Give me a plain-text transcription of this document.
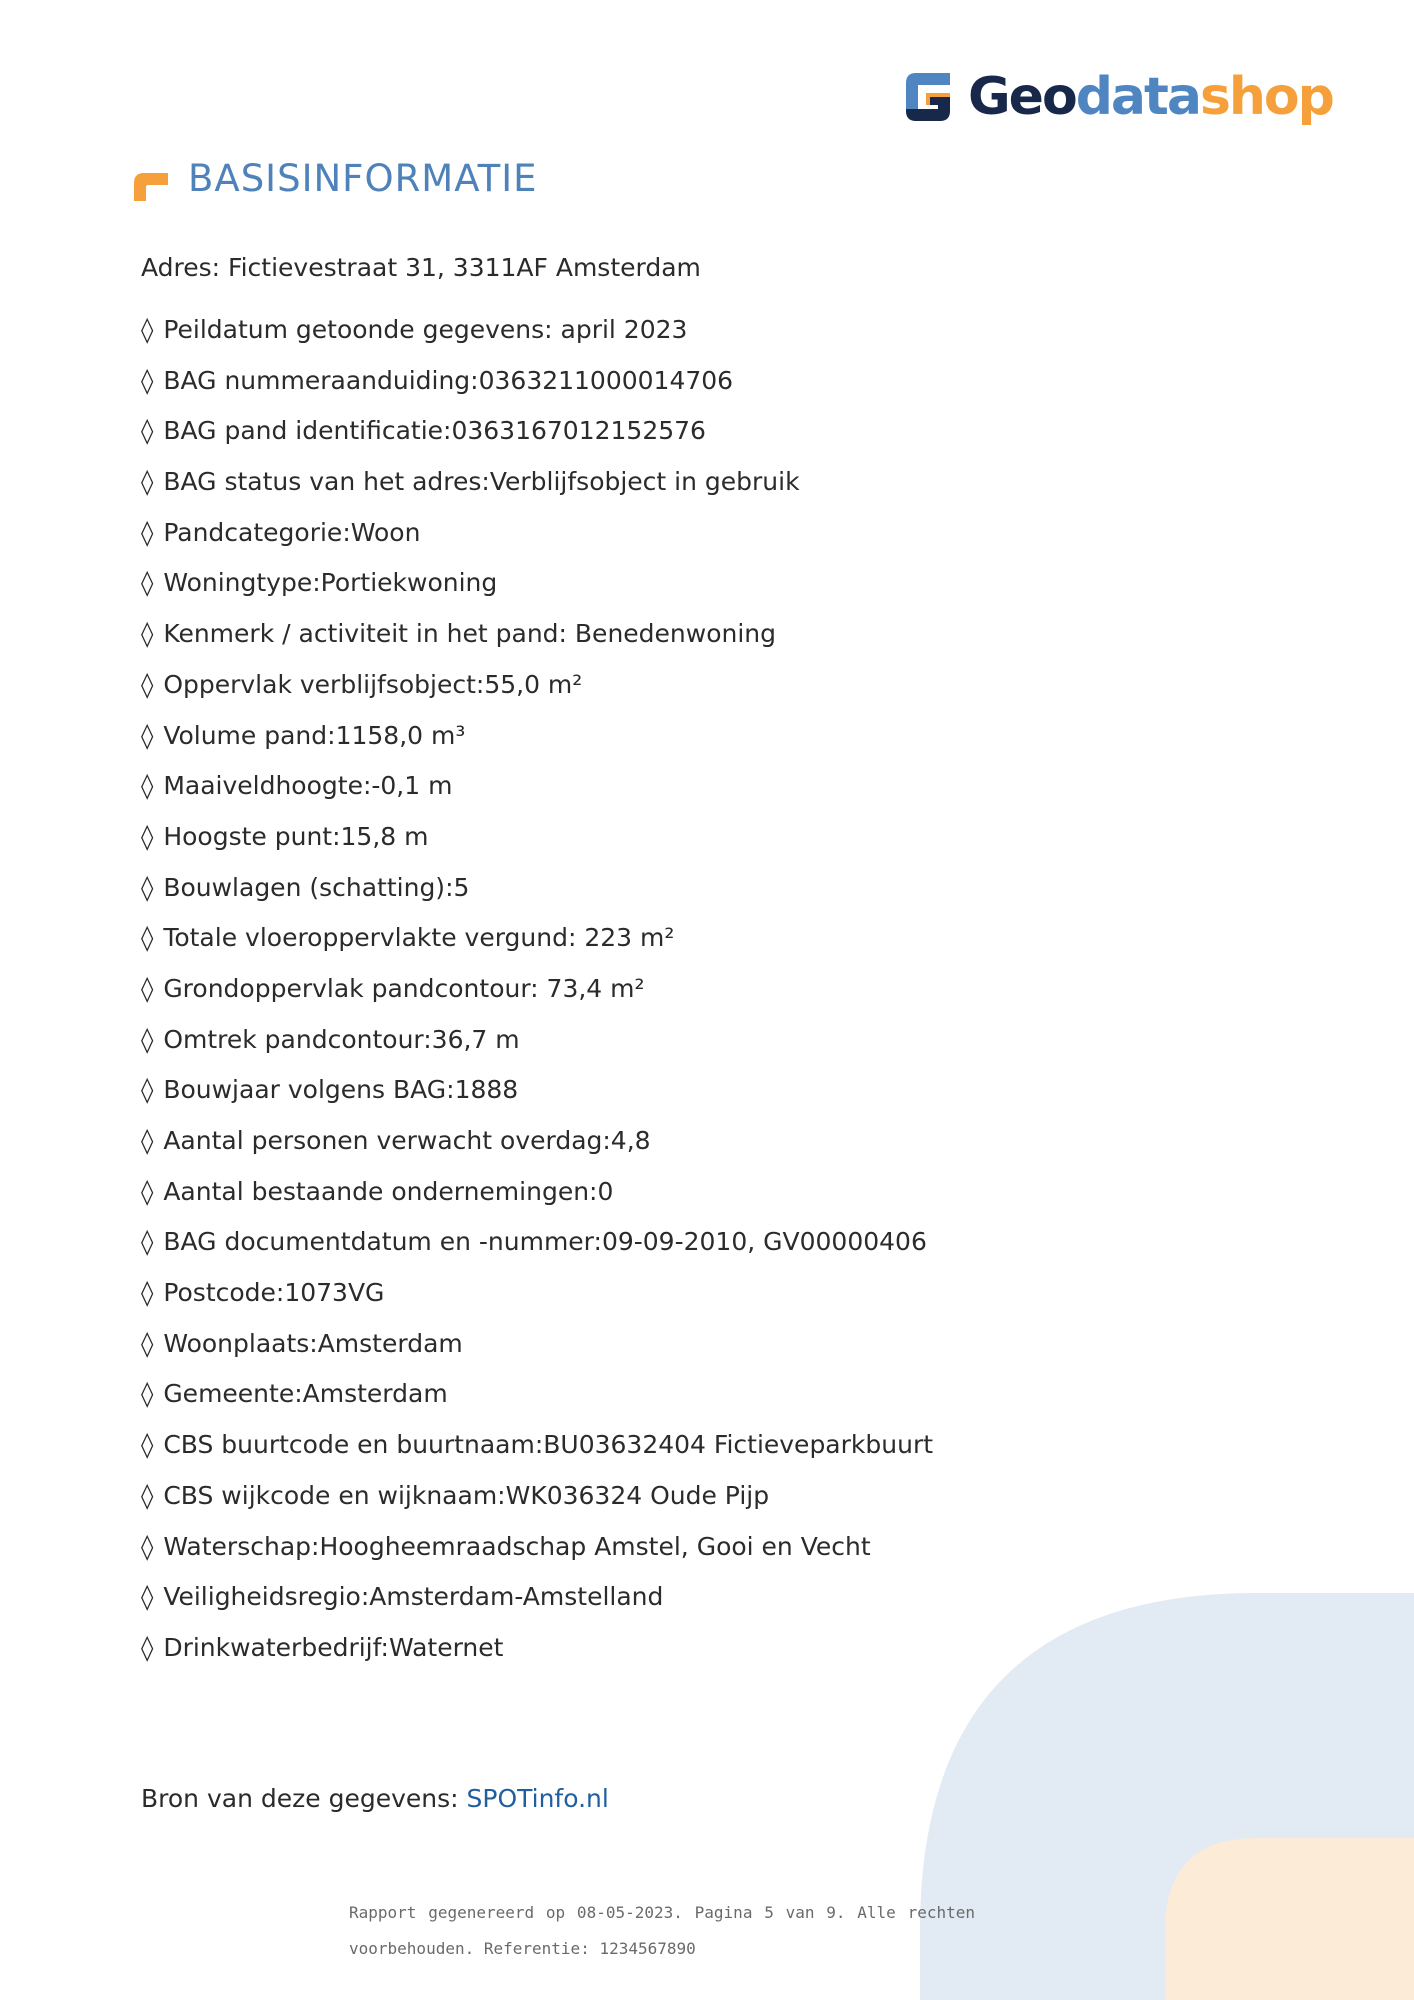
Geodatashop
BASISINFORMATIE

Adres: Fictievestraat 31, 3311AF Amsterdam

◊ Peildatum getoonde gegevens: april 2023
◊ BAG nummeraanduiding:0363211000014706
◊ BAG pand identificatie:0363167012152576
◊ BAG status van het adres:Verblijfsobject in gebruik
◊ Pandcategorie:Woon
◊ Woningtype:Portiekwoning
◊ Kenmerk / activiteit in het pand: Benedenwoning
◊ Oppervlak verblijfsobject:55,0 m²
◊ Volume pand:1158,0 m³
◊ Maaiveldhoogte:-0,1 m
◊ Hoogste punt:15,8 m
◊ Bouwlagen (schatting):5
◊ Totale vloeroppervlakte vergund: 223 m²
◊ Grondoppervlak pandcontour: 73,4 m²
◊ Omtrek pandcontour:36,7 m
◊ Bouwjaar volgens BAG:1888
◊ Aantal personen verwacht overdag:4,8
◊ Aantal bestaande ondernemingen:0
◊ BAG documentdatum en -nummer:09-09-2010, GV00000406
◊ Postcode:1073VG
◊ Woonplaats:Amsterdam
◊ Gemeente:Amsterdam
◊ CBS buurtcode en buurtnaam:BU03632404 Fictieveparkbuurt
◊ CBS wijkcode en wijknaam:WK036324 Oude Pijp
◊ Waterschap:Hoogheemraadschap Amstel, Gooi en Vecht
◊ Veiligheidsregio:Amsterdam-Amstelland
◊ Drinkwaterbedrijf:Waternet
Bron van deze gegevens: SPOTinfo.nl
Rapport gegenereerd op 08-05-2023. Pagina 5 van 9. Alle rechten
voorbehouden. Referentie: 1234567890
